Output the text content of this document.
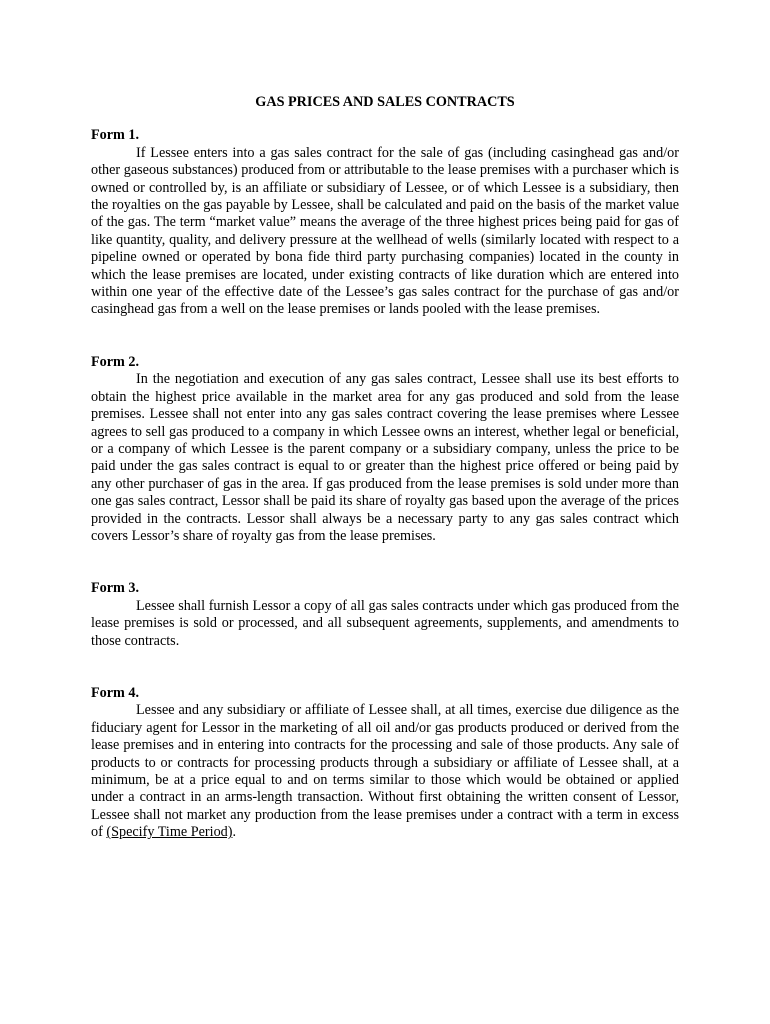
GAS PRICES AND SALES CONTRACTS
Form 1.

If Lessee enters into a gas sales contract for the sale of gas (including casinghead gas and/or other gaseous substances) produced from or attributable to the lease premises with a purchaser which is owned or controlled by, is an affiliate or subsidiary of Lessee, or of which Lessee is a subsidiary, then the royalties on the gas payable by Lessee, shall be calculated and paid on the basis of the market value of the gas. The term “market value” means the average of the three highest prices being paid for gas of like quantity, quality, and delivery pressure at the wellhead of wells (similarly located with respect to a pipeline owned or operated by bona fide third party purchasing companies) located in the county in which the lease premises are located, under existing contracts of like duration which are entered into within one year of the effective date of the Lessee’s gas sales contract for the purchase of gas and/or casinghead gas from a well on the lease premises or lands pooled with the lease premises.

Form 2.

In the negotiation and execution of any gas sales contract, Lessee shall use its best efforts to obtain the highest price available in the market area for any gas produced and sold from the lease premises. Lessee shall not enter into any gas sales contract covering the lease premises where Lessee agrees to sell gas produced to a company in which Lessee owns an interest, whether legal or beneficial, or a company of which Lessee is the parent company or a subsidiary company, unless the price to be paid under the gas sales contract is equal to or greater than the highest price offered or being paid by any other purchaser of gas in the area. If gas produced from the lease premises is sold under more than one gas sales contract, Lessor shall be paid its share of royalty gas based upon the average of the prices provided in the contracts. Lessor shall always be a necessary party to any gas sales contract which covers Lessor’s share of royalty gas from the lease premises.

Form 3.

Lessee shall furnish Lessor a copy of all gas sales contracts under which gas produced from the lease premises is sold or processed, and all subsequent agreements, supplements, and amendments to those contracts.

Form 4.

Lessee and any subsidiary or affiliate of Lessee shall, at all times, exercise due diligence as the fiduciary agent for Lessor in the marketing of all oil and/or gas products produced or derived from the lease premises and in entering into contracts for the processing and sale of those products. Any sale of products to or contracts for processing products through a subsidiary or affiliate of Lessee shall, at a minimum, be at a price equal to and on terms similar to those which would be obtained or applied under a contract in an arms-length transaction. Without first obtaining the written consent of Lessor, Lessee shall not market any production from the lease premises under a contract with a term in excess of (Specify Time Period).
